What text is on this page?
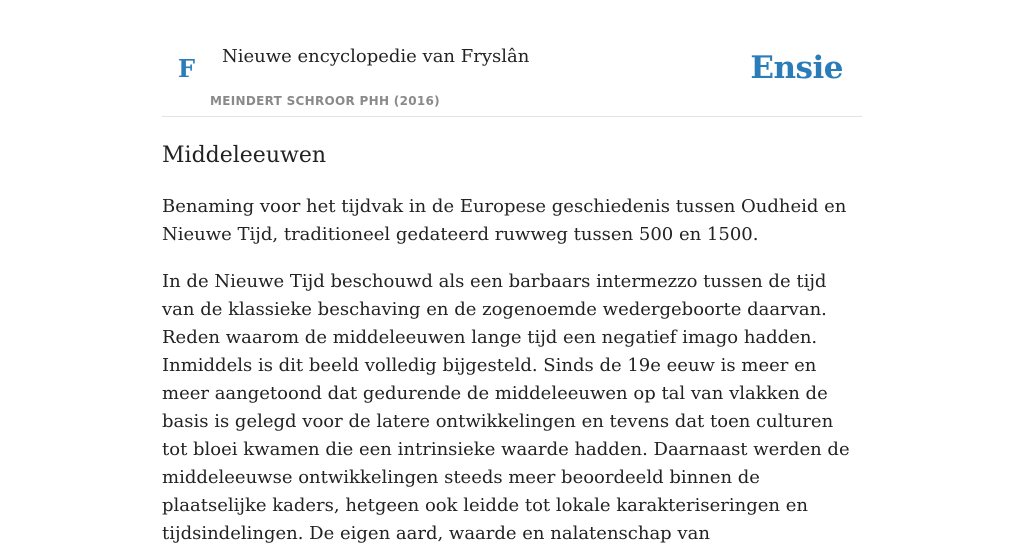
F Nieuwe encyclopedie van Fryslân
MEINDERT SCHROOR PHH (2016)
Ensie
Middeleeuwen

Benaming voor het tijdvak in de Europese geschiedenis tussen Oudheid en Nieuwe Tijd, traditioneel gedateerd ruwweg tussen 500 en 1500.

In de Nieuwe Tijd beschouwd als een barbaars intermezzo tussen de tijd van de klassieke beschaving en de zogenoemde wedergeboorte daarvan. Reden waarom de middeleeuwen lange tijd een negatief imago hadden. Inmiddels is dit beeld volledig bijgesteld. Sinds de 19e eeuw is meer en meer aangetoond dat gedurende de middeleeuwen op tal van vlakken de basis is gelegd voor de latere ontwikkelingen en tevens dat toen culturen tot bloei kwamen die een intrinsieke waarde hadden. Daarnaast werden de middeleeuwse ontwikkelingen steeds meer beoordeeld binnen de plaatselijke kaders, hetgeen ook leidde tot lokale karakteriseringen en tijdsindelingen. De eigen aard, waarde en nalatenschap van
